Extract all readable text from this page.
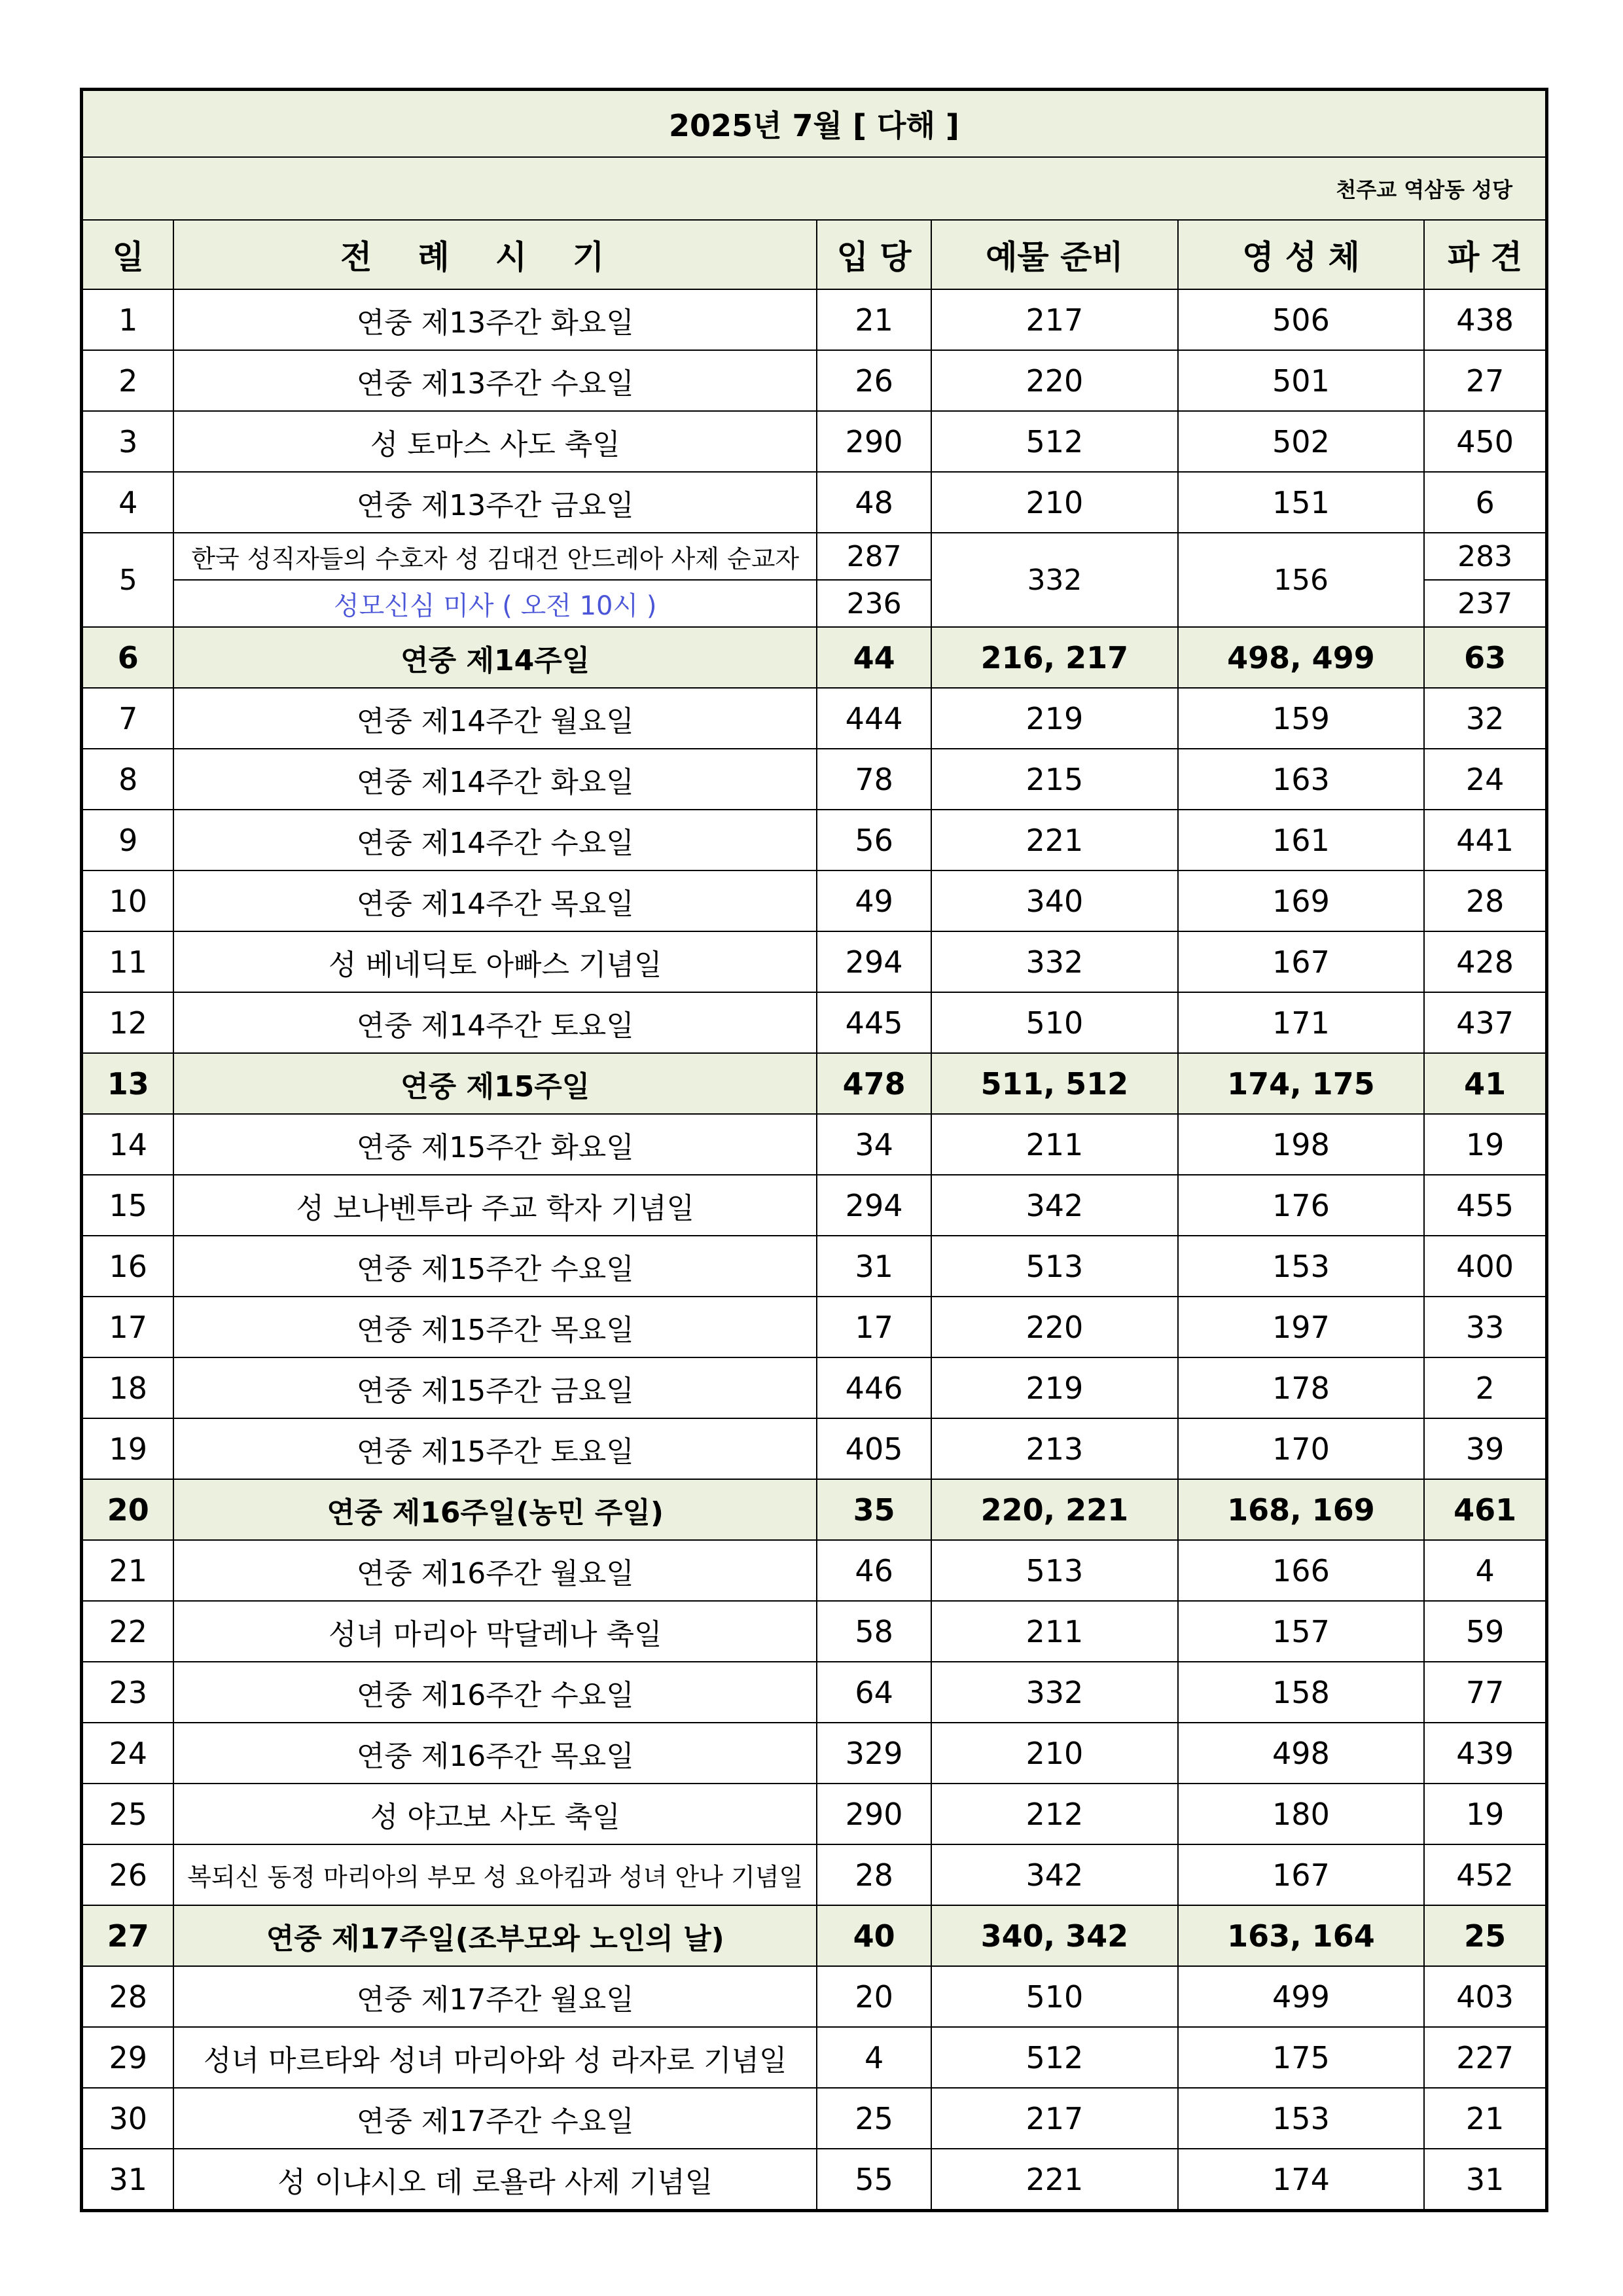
2025년 7월 [ 다해 ]					
천주교 역삼동 성당					
일	전례시기	입 당	예물 준비	영 성 체	파 견
1	연중 제13주간 화요일	21	217	506	438
2	연중 제13주간 수요일	26	220	501	27
3	성 토마스 사도 축일	290	512	502	450
4	연중 제13주간 금요일	48	210	151	6
5	한국 성직자들의 수호자 성 김대건 안드레아 사제 순교자	287	332	156	283
	성모신심 미사 ( 오전 10시 )	236			237
6	연중 제14주일	44	216, 217	498, 499	63
7	연중 제14주간 월요일	444	219	159	32
8	연중 제14주간 화요일	78	215	163	24
9	연중 제14주간 수요일	56	221	161	441
10	연중 제14주간 목요일	49	340	169	28
11	성 베네딕토 아빠스 기념일	294	332	167	428
12	연중 제14주간 토요일	445	510	171	437
13	연중 제15주일	478	511, 512	174, 175	41
14	연중 제15주간 화요일	34	211	198	19
15	성 보나벤투라 주교 학자 기념일	294	342	176	455
16	연중 제15주간 수요일	31	513	153	400
17	연중 제15주간 목요일	17	220	197	33
18	연중 제15주간 금요일	446	219	178	2
19	연중 제15주간 토요일	405	213	170	39
20	연중 제16주일(농민 주일)	35	220, 221	168, 169	461
21	연중 제16주간 월요일	46	513	166	4
22	성녀 마리아 막달레나 축일	58	211	157	59
23	연중 제16주간 수요일	64	332	158	77
24	연중 제16주간 목요일	329	210	498	439
25	성 야고보 사도 축일	290	212	180	19
26	복되신 동정 마리아의 부모 성 요아킴과 성녀 안나 기념일	28	342	167	452
27	연중 제17주일(조부모와 노인의 날)	40	340, 342	163, 164	25
28	연중 제17주간 월요일	20	510	499	403
29	성녀 마르타와 성녀 마리아와 성 라자로 기념일	4	512	175	227
30	연중 제17주간 수요일	25	217	153	21
31	성 이냐시오 데 로욜라 사제 기념일	55	221	174	31
